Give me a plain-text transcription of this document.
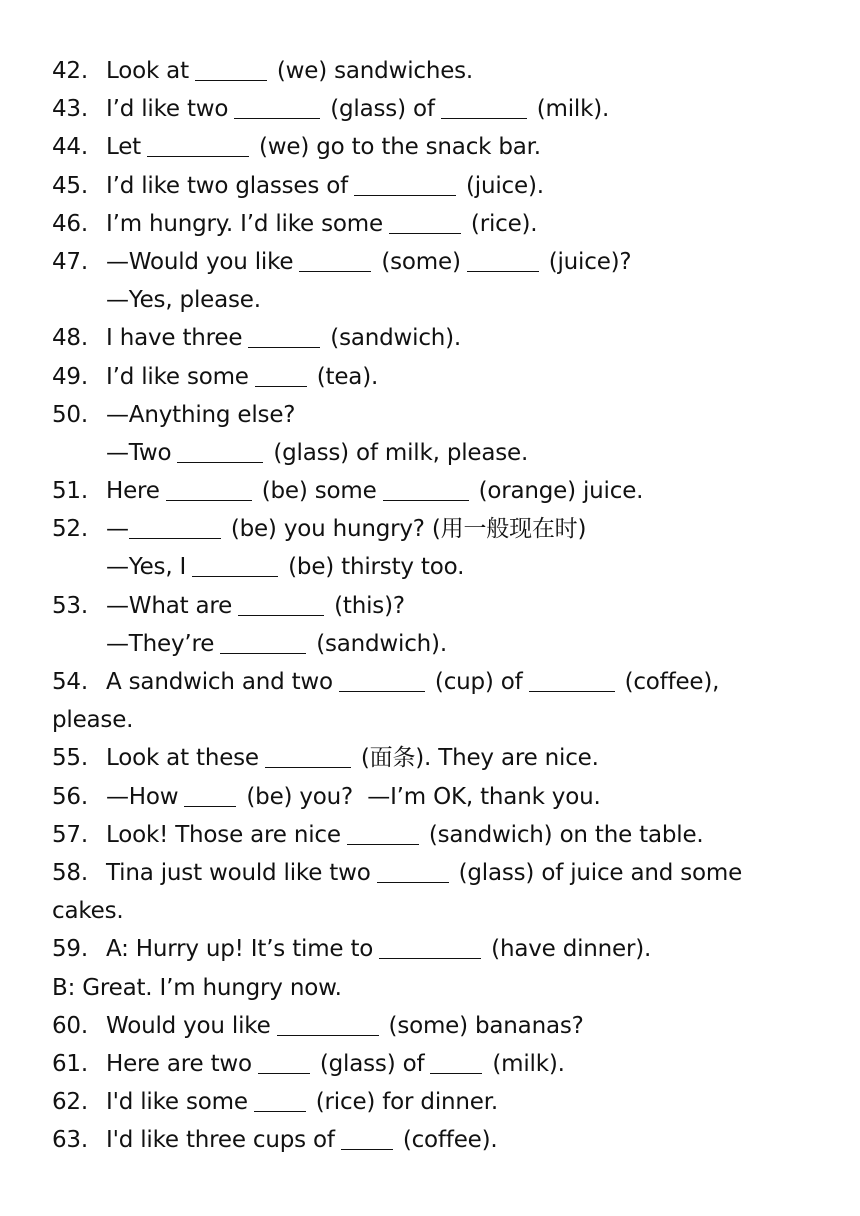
42. Look at	(we) sandwiches.
43. I’d like two	(glass) of	(milk).
44. Let	(we) go to the snack bar.
45. I’d like two glasses of	(juice).
46. I’m hungry. I’d like some	(rice).
47. —Would you like	(some)	(juice)?
—Yes, please.
48. I have three	(sandwich).
49. I’d like some	(tea).
50. —Anything else?
—Two	(glass) of milk, please.
51. Here	(be) some	(orange) juice.
52. —	(be) you hungry? (用一般现在时)
—Yes, I	(be) thirsty too.
53. —What are	(this)?
—They’re	(sandwich).
54. A sandwich and two	(cup) of	(coffee),
please.
55. Look at these	(面条). They are nice.
56. —How	(be) you?  —I’m OK, thank you.
57. Look! Those are nice	(sandwich) on the table.
58. Tina just would like two	(glass) of juice and some
cakes.
59. A: Hurry up! It’s time to	(have dinner).
B: Great. I’m hungry now.
60. Would you like	(some) bananas?
61. Here are two	(glass) of	(milk).
62. I'd like some	(rice) for dinner.
63. I'd like three cups of	(coffee).
